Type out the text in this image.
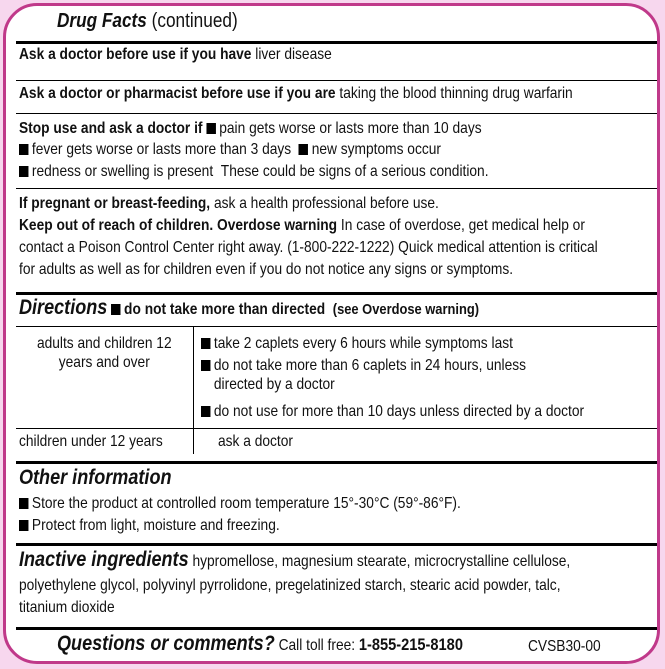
Drug Facts (continued)
Ask a doctor before use if you have liver disease
Ask a doctor or pharmacist before use if you are taking the blood thinning drug warfarin
Stop use and ask a doctor if pain gets worse or lasts more than 10 days
fever gets worse or lasts more than 3 days new symptoms occur
redness or swelling is present These could be signs of a serious condition.
If pregnant or breast-feeding, ask a health professional before use.
Keep out of reach of children. Overdose warning In case of overdose, get medical help or
contact a Poison Control Center right away. (1-800-222-1222) Quick medical attention is critical
for adults as well as for children even if you do not notice any signs or symptoms.
Directions do not take more than directed (see Overdose warning)
adults and children 12
years and over
take 2 caplets every 6 hours while symptoms last
do not take more than 6 caplets in 24 hours, unless
directed by a doctor
do not use for more than 10 days unless directed by a doctor
children under 12 years	ask a doctor
Other information
Store the product at controlled room temperature 15°-30°C (59°-86°F).
Protect from light, moisture and freezing.
Inactive ingredients hypromellose, magnesium stearate, microcrystalline cellulose,
polyethylene glycol, polyvinyl pyrrolidone, pregelatinized starch, stearic acid powder, talc,
titanium dioxide
Questions or comments? Call toll free: 1-855-215-8180	CVSB30-00
